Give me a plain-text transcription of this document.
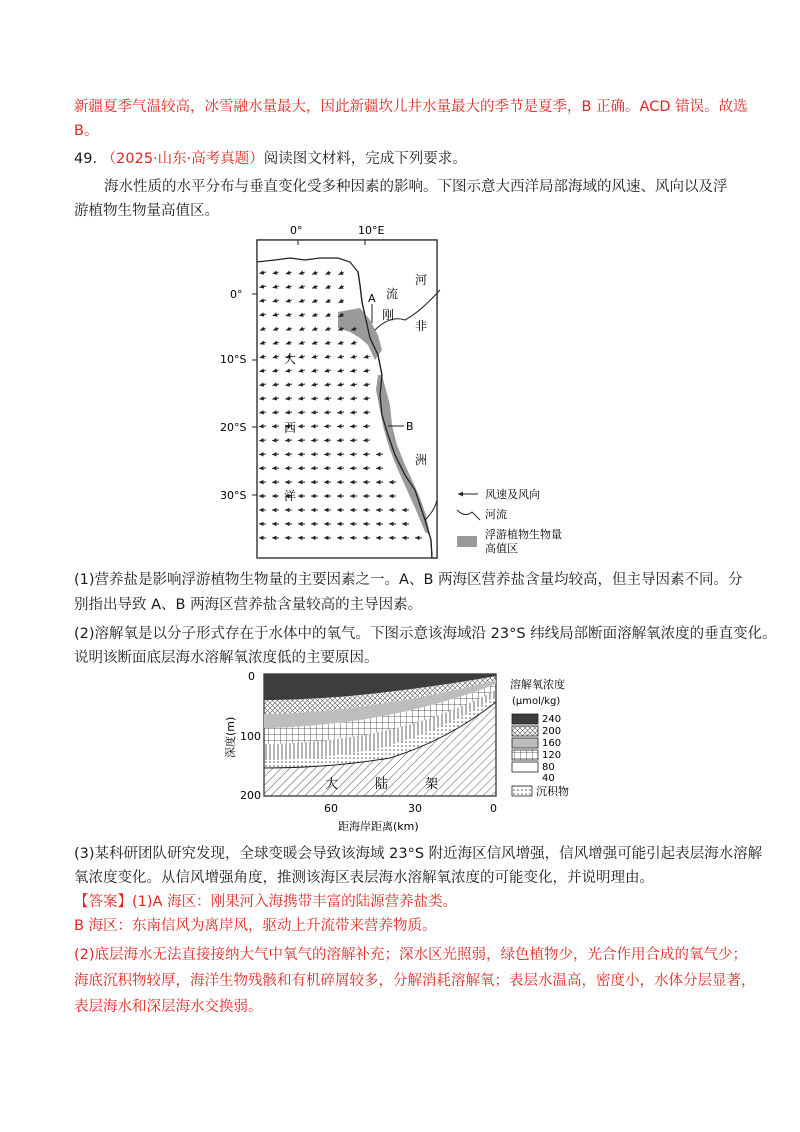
新疆夏季气温较高，冰雪融水量最大，因此新疆坎儿井水量最大的季节是夏季，B 正确。ACD 错误。故选

B。

49. （2025·山东·高考真题）阅读图文材料，完成下列要求。

海水性质的水平分布与垂直变化受多种因素的影响。下图示意大西洋局部海域的风速、风向以及浮

游植物生物量高值区。

0°	10°E
0°
10°S
20°S
30°S
A
B
大
西
洋
河
流
刚
非
洲
风速及风向
河流
浮游植物生物量
高值区

(1)营养盐是影响浮游植物生物量的主要因素之一。A、B 两海区营养盐含量均较高，但主导因素不同。分

别指出导致 A、B 两海区营养盐含量较高的主导因素。

(2)溶解氧是以分子形式存在于水体中的氧气。下图示意该海域沿 23°S 纬线局部断面溶解氧浓度的垂直变化。

说明该断面底层海水溶解氧浓度低的主要原因。

大	陆	架
0
100
200
深度(m)
60	30	0
距海岸距离(km)
溶解氧浓度
(μmol/kg)
240
200
160
120
80
40
沉积物

(3)某科研团队研究发现，全球变暖会导致该海域 23°S 附近海区信风增强，信风增强可能引起表层海水溶解

氧浓度变化。从信风增强角度，推测该海区表层海水溶解氧浓度的可能变化，并说明理由。

【答案】(1)A 海区：刚果河入海携带丰富的陆源营养盐类。

B 海区：东南信风为离岸风，驱动上升流带来营养物质。

(2)底层海水无法直接接纳大气中氧气的溶解补充；深水区光照弱，绿色植物少，光合作用合成的氧气少；

海底沉积物较厚，海洋生物残骸和有机碎屑较多，分解消耗溶解氧；表层水温高，密度小，水体分层显著，

表层海水和深层海水交换弱。
